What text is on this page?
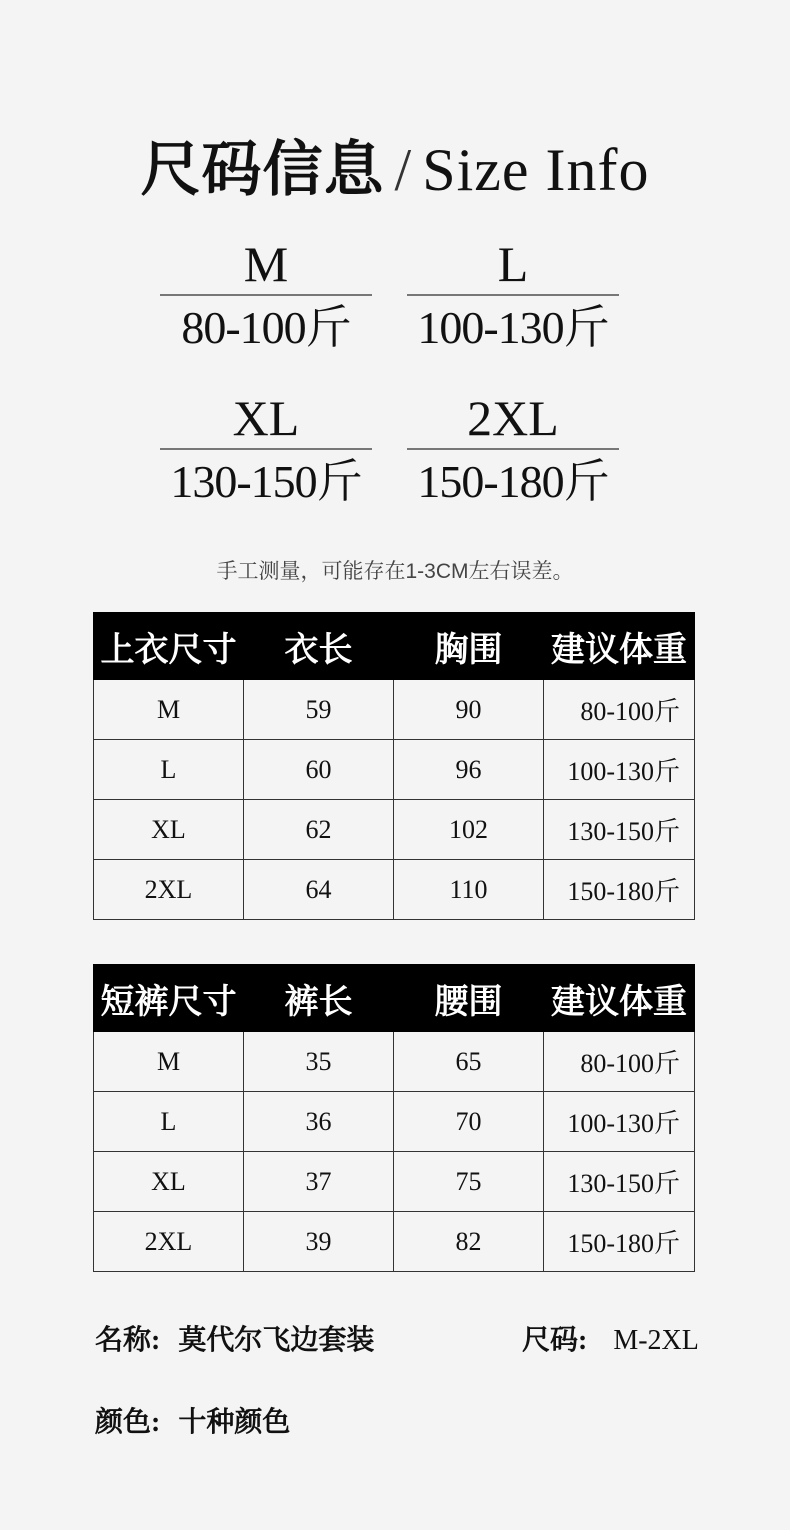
尺码信息 / Size Info
M
80-100斤
L
100-130斤
XL
130-150斤
2XL
150-180斤
手工测量，可能存在1-3CM左右误差。
上衣尺寸	衣长	胸围	建议体重
M	59	90	80-100斤
L	60	96	100-130斤
XL	62	102	130-150斤
2XL	64	110	150-180斤
短裤尺寸	裤长	腰围	建议体重
M	35	65	80-100斤
L	36	70	100-130斤
XL	37	75	130-150斤
2XL	39	82	150-180斤
名称: 莫代尔飞边套装	尺码: M-2XL
颜色: 十种颜色
